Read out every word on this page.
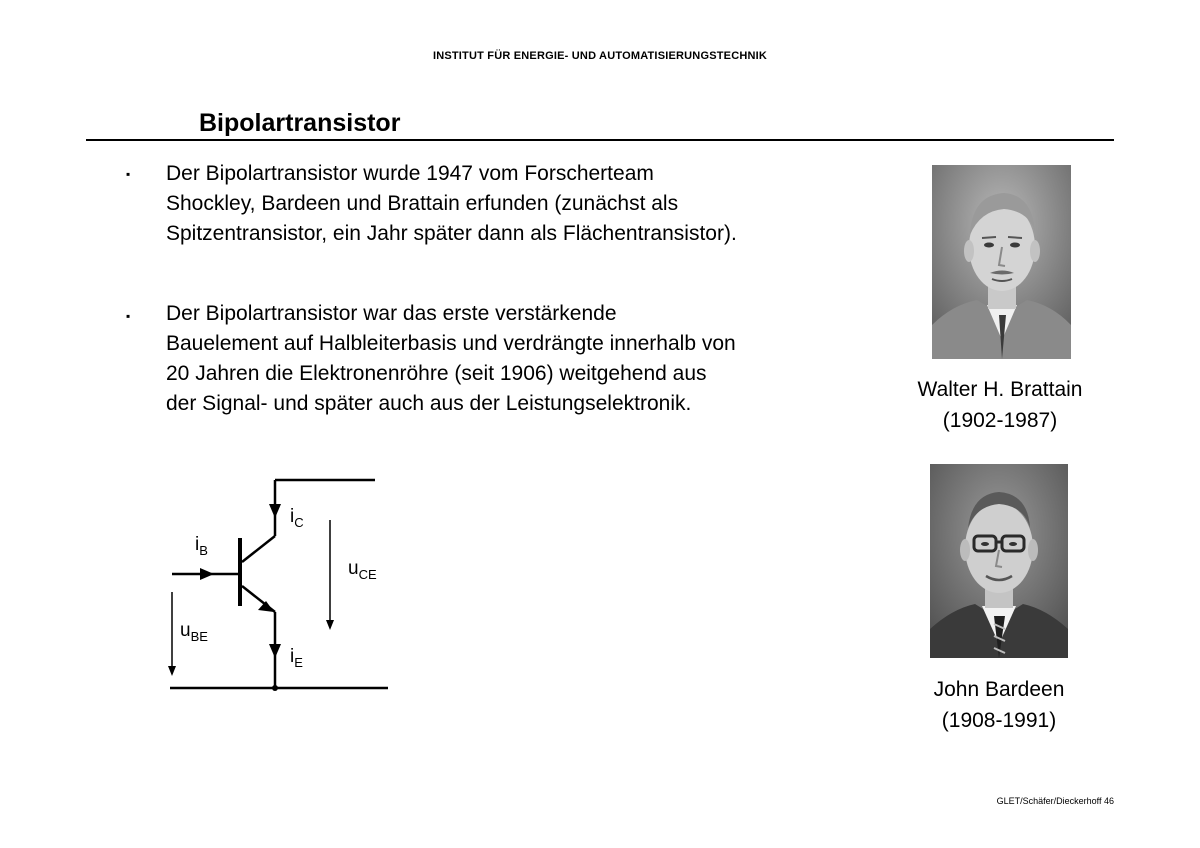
INSTITUT FÜR ENERGIE- UND AUTOMATISIERUNGSTECHNIK
Bipolartransistor
▪ Der Bipolartransistor wurde 1947 vom Forscherteam
Shockley, Bardeen und Brattain erfunden (zunächst als
Spitzentransistor, ein Jahr später dann als Flächentransistor).
▪ Der Bipolartransistor war das erste verstärkende
Bauelement auf Halbleiterbasis und verdrängte innerhalb von
20 Jahren die Elektronenröhre (seit 1906) weitgehend aus
der Signal- und später auch aus der Leistungselektronik.
Walter H. Brattain
(1902-1987)
John Bardeen
(1908-1991)
$i_C$
$i_B$
$u_{CE}$
$u_{BE}$
$i_E$
GLET/Schäfer/Dieckerhoff 46
